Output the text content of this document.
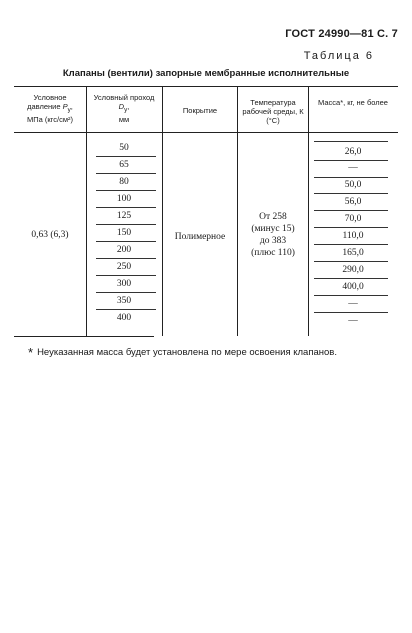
ГОСТ 24990—81 С. 7
Таблица 6
Клапаны (вентили) запорные мембранные исполнительные
Условное давление $P_у$,
МПа (кгс/см²)
Условный проход $D_у$,
мм
Покрытие
Температура рабочей среды, К (°С)
Масса*, кг, не более
0,63 (6,3)	Полимерное
От 258
(минус 15)
до 383
(плюс 110)
50
65
80
100
125
150
200
250
300
350
400
26,0
—
50,0
56,0
70,0
110,0
165,0
290,0
400,0
—
—
* Неуказанная масса будет установлена по мере освоения клапанов.
